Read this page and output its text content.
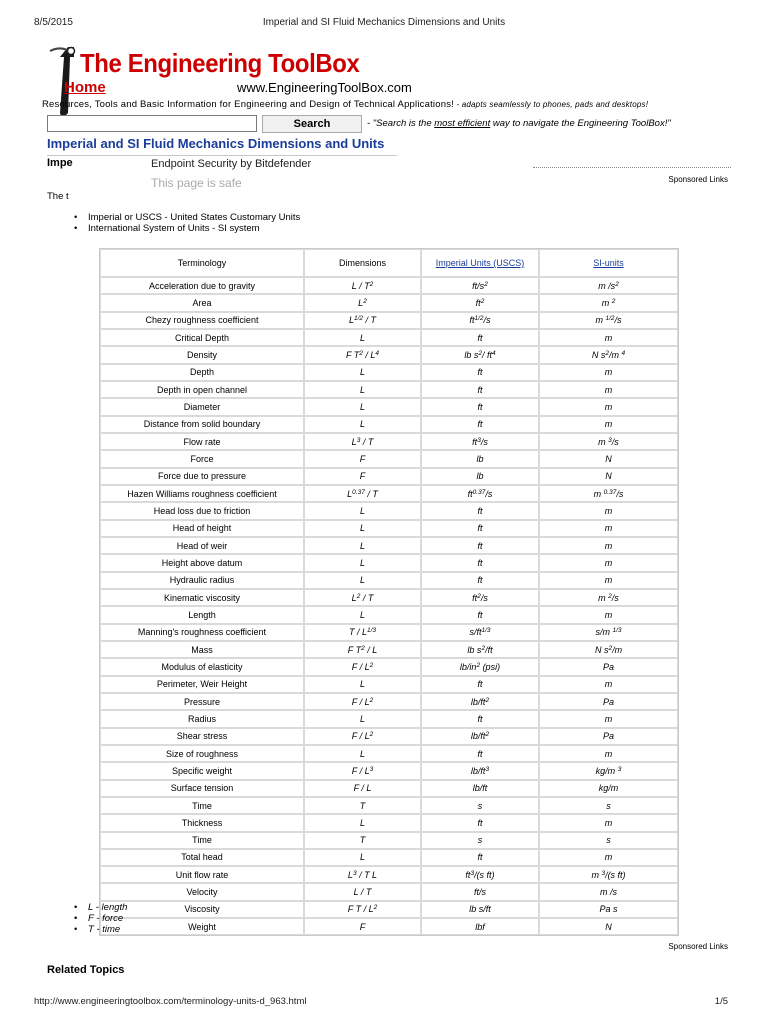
8/5/2015	Imperial and SI Fluid Mechanics Dimensions and Units
The Engineering ToolBox
www.EngineeringToolBox.com
Home
Resources, Tools and Basic Information for Engineering and Design of Technical Applications! - adapts seamlessly to phones, pads and desktops!
Search	- "Search is the most efficient way to navigate the Engineering ToolBox!"
Imperial and SI Fluid Mechanics Dimensions and Units
Impe	Endpoint Security by Bitdefender
This page is safe	Sponsored Links
The t
• Imperial or USCS - United States Customary Units
• International System of Units - SI system
Terminology	Dimensions	Imperial Units (USCS)	SI-units
Acceleration due to gravity	L / $T^2$	$ft/s^2$	m $/s^2$
Area	$L^2$	$ft^2$	m $^2$
Chezy roughness coefficient	$L^{1/2}$ / T	$ft^{1/2}/s$	m $^{1/2}$/s
Critical Depth	L	ft	m
Density	F $T^2 / L^4$	lb $s^2/$ $ft^4$	N $s^2/m$ $^4$
Depth	L	ft	m
Depth in open channel	L	ft	m
Diameter	L	ft	m
Distance from solid boundary	L	ft	m
Flow rate	$L^3$ / T	$ft^3/s$	m $^3$/s
Force	F	lb	N
Force due to pressure	F	lb	N
Hazen Williams roughness coefficient	$L^{0.37}$ / T	$ft^{0.37}/s$	m $^{0.37}$/s
Head loss due to friction	L	ft	m
Head of height	L	ft	m
Head of weir	L	ft	m
Height above datum	L	ft	m
Hydraulic radius	L	ft	m
Kinematic viscosity	$L^2$ / T	$ft^2/s$	m $^2$/s
Length	L	ft	m
Manning's roughness coefficient	T / $L^{1/3}$	$s/ft^{1/3}$	s/m $^{1/3}$
Mass	F $T^2$ / L	lb $s^2/ft$	N $s^2/m$
Modulus of elasticity	F / $L^2$	$lb/in^2$ (psi)	Pa
Perimeter, Weir Height	L	ft	m
Pressure	F / $L^2$	$lb/ft^2$	Pa
Radius	L	ft	m
Shear stress	F / $L^2$	$lb/ft^2$	Pa
Size of roughness	L	ft	m
Specific weight	F / $L^3$	$lb/ft^3$	kg/m $^3$
Surface tension	F / L	lb/ft	kg/m
Time	T	s	s
Thickness	L	ft	m
Time	T	s	s
Total head	L	ft	m
Unit flow rate	$L^3$ / T L	$ft^3/(s$ ft)	m $^3$/(s ft)
Velocity	L / T	ft/s	m /s
Viscosity	F T / $L^2$	lb s/ft	Pa s
Weight	F	lbf	N
• L - length
• F - force
• T - time
Sponsored Links
Related Topics
http://www.engineeringtoolbox.com/terminology-units-d_963.html	1/5
